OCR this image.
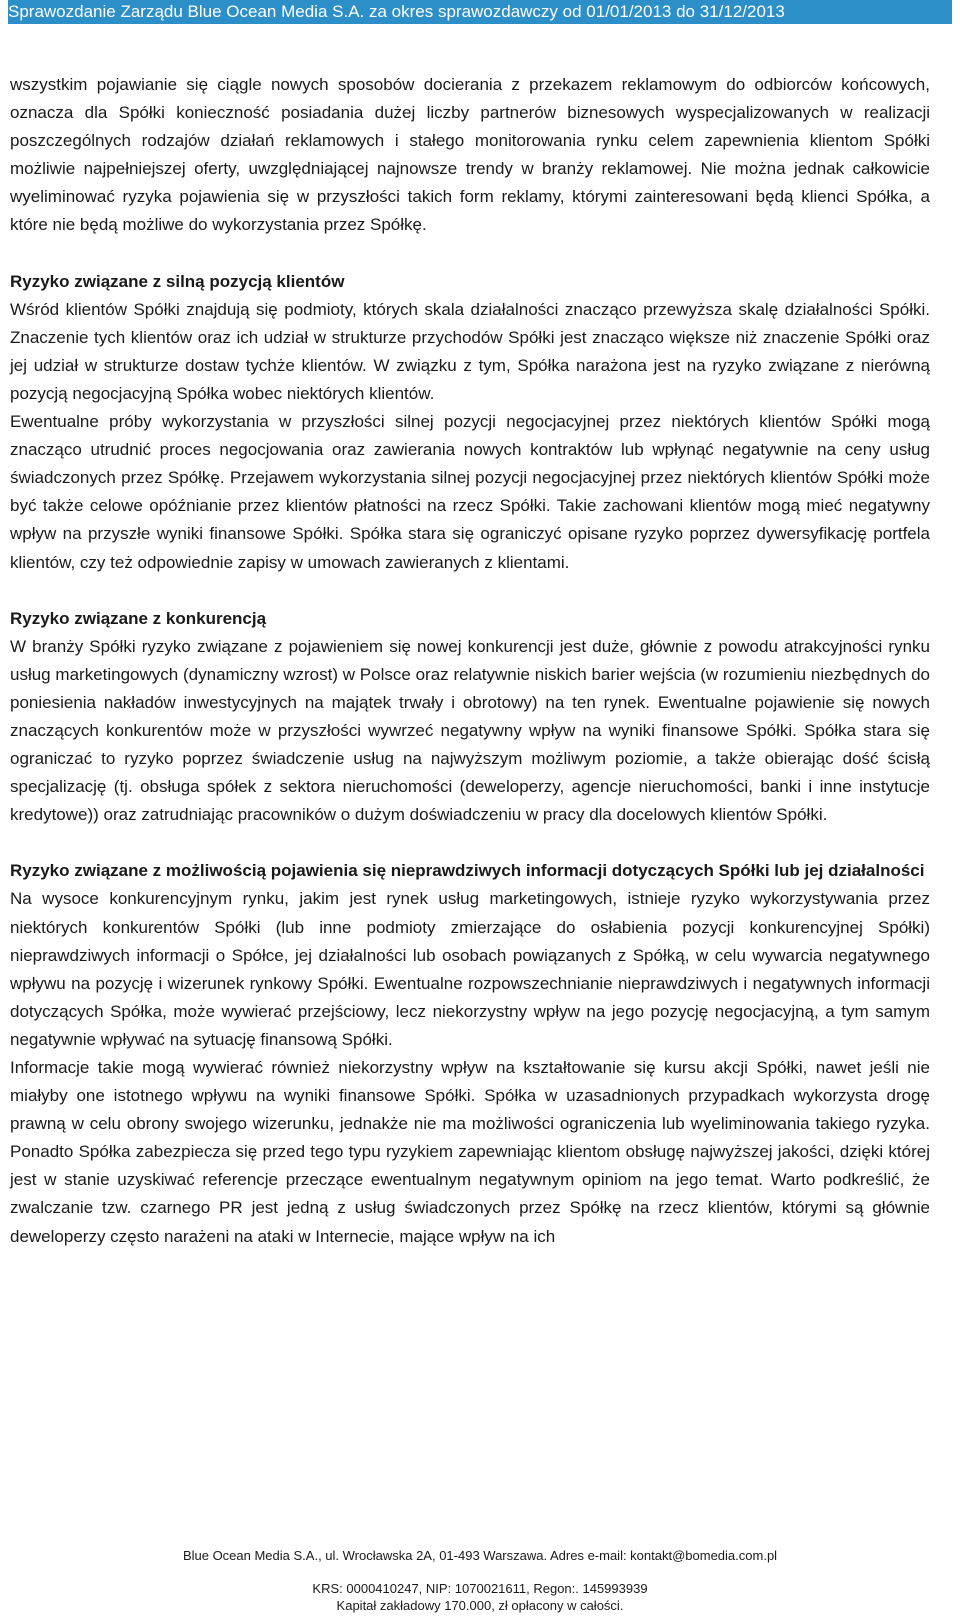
Sprawozdanie Zarządu Blue Ocean Media S.A. za okres sprawozdawczy od 01/01/2013 do 31/12/2013

wszystkim pojawianie się ciągle nowych sposobów docierania z przekazem reklamowym do odbiorców końcowych, oznacza dla Spółki konieczność posiadania dużej liczby partnerów biznesowych wyspecjalizowanych w realizacji poszczególnych rodzajów działań reklamowych i stałego monitorowania rynku celem zapewnienia klientom Spółki możliwie najpełniejszej oferty, uwzględniającej najnowsze trendy w branży reklamowej. Nie można jednak całkowicie wyeliminować ryzyka pojawienia się w przyszłości takich form reklamy, którymi zainteresowani będą klienci Spółka, a które nie będą możliwe do wykorzystania przez Spółkę.

Ryzyko związane z silną pozycją klientów

Wśród klientów Spółki znajdują się podmioty, których skala działalności znacząco przewyższa skalę działalności Spółki. Znaczenie tych klientów oraz ich udział w strukturze przychodów Spółki jest znacząco większe niż znaczenie Spółki oraz jej udział w strukturze dostaw tychże klientów. W związku z tym, Spółka narażona jest na ryzyko związane z nierówną pozycją negocjacyjną Spółka wobec niektórych klientów.

Ewentualne próby wykorzystania w przyszłości silnej pozycji negocjacyjnej przez niektórych klientów Spółki mogą znacząco utrudnić proces negocjowania oraz zawierania nowych kontraktów lub wpłynąć negatywnie na ceny usług świadczonych przez Spółkę. Przejawem wykorzystania silnej pozycji negocjacyjnej przez niektórych klientów Spółki może być także celowe opóźnianie przez klientów płatności na rzecz Spółki. Takie zachowani klientów mogą mieć negatywny wpływ na przyszłe wyniki finansowe Spółki. Spółka stara się ograniczyć opisane ryzyko poprzez dywersyfikację portfela klientów, czy też odpowiednie zapisy w umowach zawieranych z klientami.

Ryzyko związane z konkurencją

W branży Spółki ryzyko związane z pojawieniem się nowej konkurencji jest duże, głównie z powodu atrakcyjności rynku usług marketingowych (dynamiczny wzrost) w Polsce oraz relatywnie niskich barier wejścia (w rozumieniu niezbędnych do poniesienia nakładów inwestycyjnych na majątek trwały i obrotowy) na ten rynek. Ewentualne pojawienie się nowych znaczących konkurentów może w przyszłości wywrzeć negatywny wpływ na wyniki finansowe Spółki. Spółka stara się ograniczać to ryzyko poprzez świadczenie usług na najwyższym możliwym poziomie, a także obierając dość ścisłą specjalizację (tj. obsługa spółek z sektora nieruchomości (deweloperzy, agencje nieruchomości, banki i inne instytucje kredytowe)) oraz zatrudniając pracowników o dużym doświadczeniu w pracy dla docelowych klientów Spółki.

Ryzyko związane z możliwością pojawienia się nieprawdziwych informacji dotyczących Spółki lub jej działalności

Na wysoce konkurencyjnym rynku, jakim jest rynek usług marketingowych, istnieje ryzyko wykorzystywania przez niektórych konkurentów Spółki (lub inne podmioty zmierzające do osłabienia pozycji konkurencyjnej Spółki) nieprawdziwych informacji o Spółce, jej działalności lub osobach powiązanych z Spółką, w celu wywarcia negatywnego wpływu na pozycję i wizerunek rynkowy Spółki. Ewentualne rozpowszechnianie nieprawdziwych i negatywnych informacji dotyczących Spółka, może wywierać przejściowy, lecz niekorzystny wpływ na jego pozycję negocjacyjną, a tym samym negatywnie wpływać na sytuację finansową Spółki.

Informacje takie mogą wywierać również niekorzystny wpływ na kształtowanie się kursu akcji Spółki, nawet jeśli nie miałyby one istotnego wpływu na wyniki finansowe Spółki. Spółka w uzasadnionych przypadkach wykorzysta drogę prawną w celu obrony swojego wizerunku, jednakże nie ma możliwości ograniczenia lub wyeliminowania takiego ryzyka. Ponadto Spółka zabezpiecza się przed tego typu ryzykiem zapewniając klientom obsługę najwyższej jakości, dzięki której jest w stanie uzyskiwać referencje przeczące ewentualnym negatywnym opiniom na jego temat. Warto podkreślić, że zwalczanie tzw. czarnego PR jest jedną z usług świadczonych przez Spółkę na rzecz klientów, którymi są głównie deweloperzy często narażeni na ataki w Internecie, mające wpływ na ich

Blue Ocean Media S.A., ul. Wrocławska 2A, 01-493 Warszawa. Adres e-mail: kontakt@bomedia.com.pl
KRS: 0000410247, NIP: 1070021611, Regon:. 145993939
Kapitał zakładowy 170.000, zł opłacony w całości.
